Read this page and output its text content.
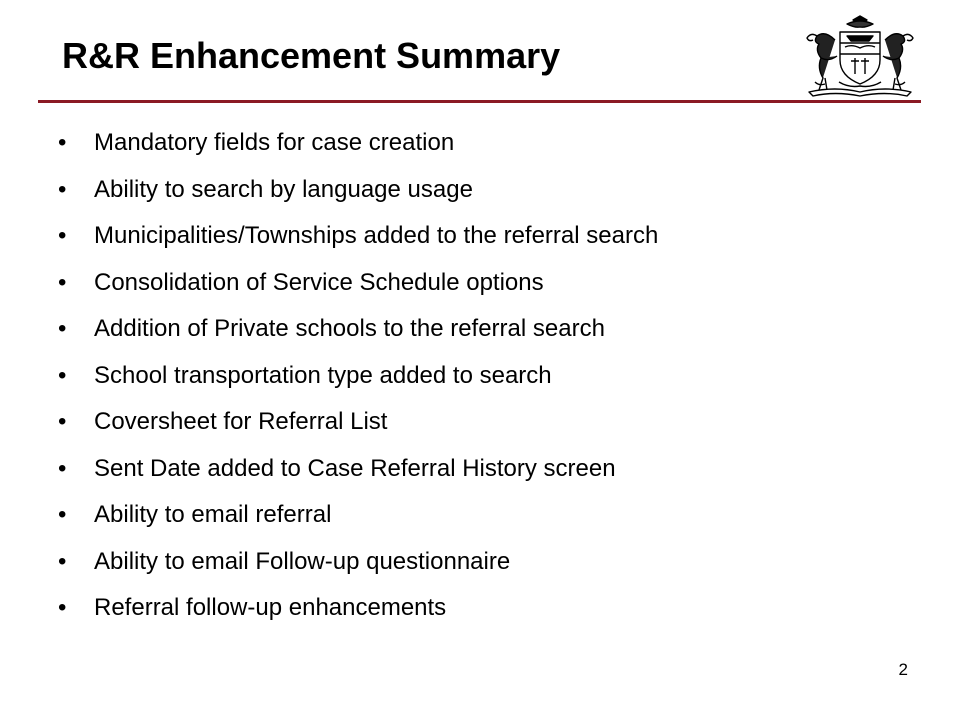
R&R Enhancement Summary
• Mandatory fields for case creation
• Ability to search by language usage
• Municipalities/Townships added to the referral search
• Consolidation of Service Schedule options
• Addition of Private schools to the referral search
• School transportation type added to search
• Coversheet for Referral List
• Sent Date added to Case Referral History screen
• Ability to email referral
• Ability to email Follow-up questionnaire
• Referral follow-up enhancements
2
